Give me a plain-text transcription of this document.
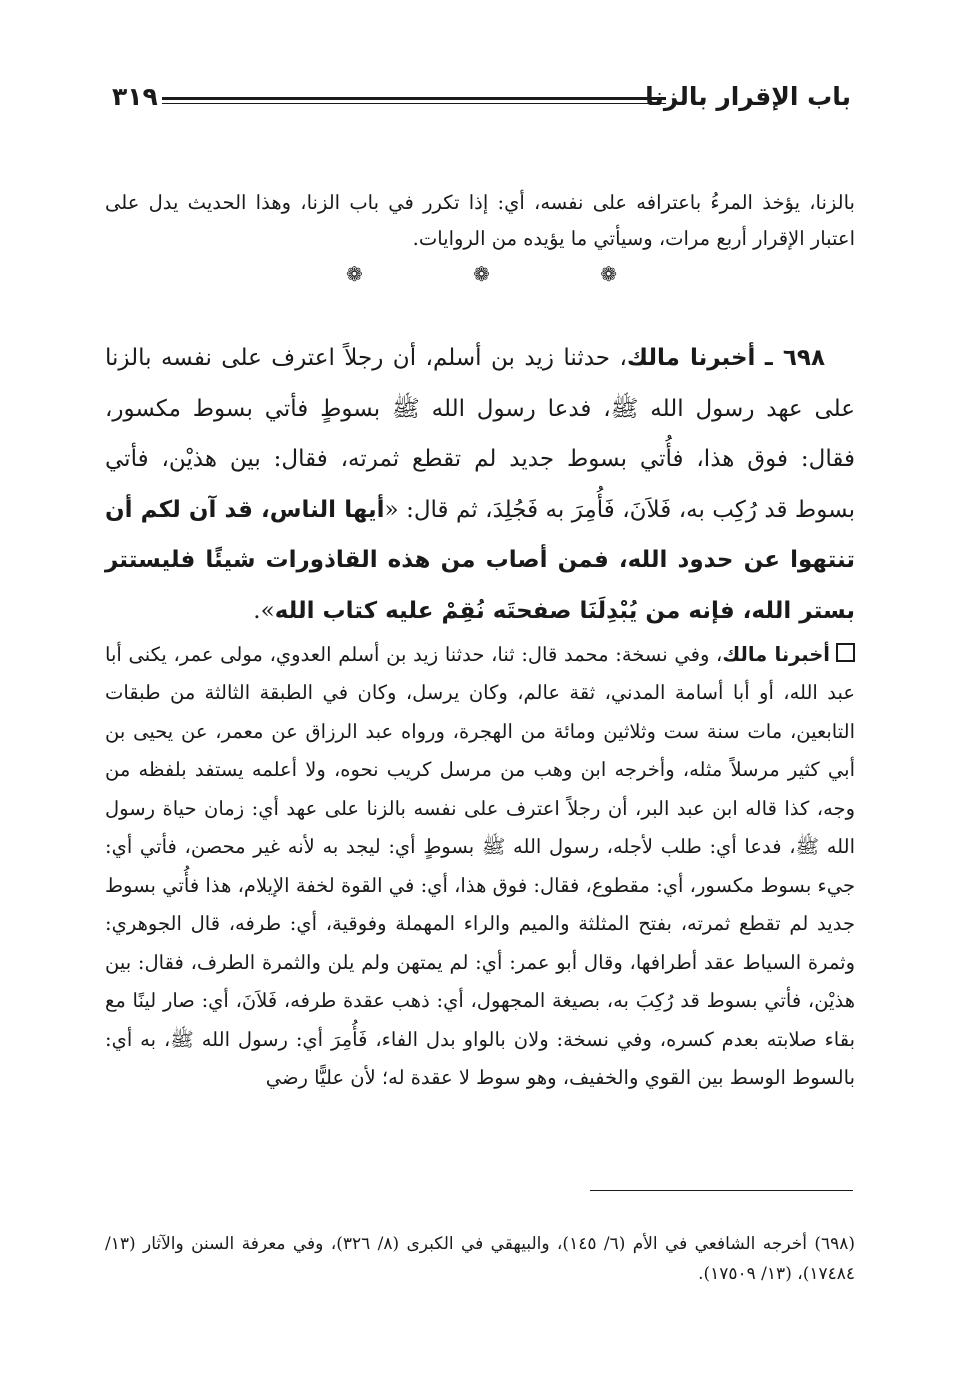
باب الإقرار بالزنا
٣١٩

بالزنا، يؤخذ المرءُ باعترافه على نفسه، أي: إذا تكرر في باب الزنا، وهذا الحديث يدل على اعتبار الإقرار أربع مرات، وسيأتي ما يؤيده من الروايات.

❁	❁	❁

٦٩٨ ـ أخبرنا مالك، حدثنا زيد بن أسلم، أن رجلاً اعترف على نفسه بالزنا على عهد رسول الله ﷺ، فدعا رسول الله ﷺ بسوطٍ فأتي بسوط مكسور، فقال: فوق هذا، فأُتي بسوط جديد لم تقطع ثمرته، فقال: بين هذيْن، فأتي بسوط قد رُكِب به، فَلاَنَ، فَأُمِرَ به فَجُلِدَ، ثم قال: «أيها الناس، قد آن لكم أن تنتهوا عن حدود الله، فمن أصاب من هذه القاذورات شيئًا فليستتر بستر الله، فإنه من يُبْدِلَنَا صفحتَه نُقِمْ عليه كتاب الله».

أخبرنا مالك، وفي نسخة: محمد قال: ثنا، حدثنا زيد بن أسلم العدوي، مولى عمر، يكنى أبا عبد الله، أو أبا أسامة المدني، ثقة عالم، وكان يرسل، وكان في الطبقة الثالثة من طبقات التابعين، مات سنة ست وثلاثين ومائة من الهجرة، ورواه عبد الرزاق عن معمر، عن يحيى بن أبي كثير مرسلاً مثله، وأخرجه ابن وهب من مرسل كريب نحوه، ولا أعلمه يستفد بلفظه من وجه، كذا قاله ابن عبد البر، أن رجلاً اعترف على نفسه بالزنا على عهد أي: زمان حياة رسول الله ﷺ، فدعا أي: طلب لأجله، رسول الله ﷺ بسوطٍ أي: ليجد به لأنه غير محصن، فأتي أي: جيء بسوط مكسور، أي: مقطوع، فقال: فوق هذا، أي: في القوة لخفة الإيلام، هذا فأُتي بسوط جديد لم تقطع ثمرته، بفتح المثلثة والميم والراء المهملة وفوقية، أي: طرفه، قال الجوهري: وثمرة السياط عقد أطرافها، وقال أبو عمر: أي: لم يمتهن ولم يلن والثمرة الطرف، فقال: بين هذيْن، فأتي بسوط قد رُكِبَ به، بصيغة المجهول، أي: ذهب عقدة طرفه، فَلاَنَ، أي: صار لينًا مع بقاء صلابته بعدم كسره، وفي نسخة: ولان بالواو بدل الفاء، فَأُمِرَ أي: رسول الله ﷺ، به أي: بالسوط الوسط بين القوي والخفيف، وهو سوط لا عقدة له؛ لأن عليًّا رضي

(٦٩٨) أخرجه الشافعي في الأم (٦/ ١٤٥)، والبيهقي في الكبرى (٨/ ٣٢٦)، وفي معرفة السنن والآثار (١٣/ ١٧٤٨٤)، (١٣/ ١٧٥٠٩).
